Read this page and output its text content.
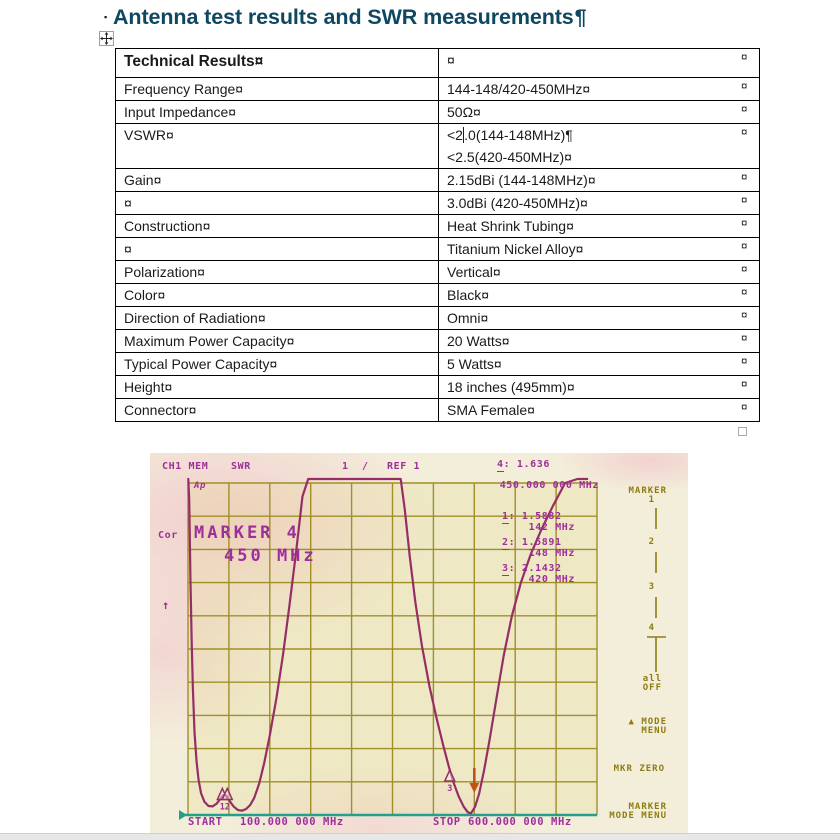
▪ Antenna test results and SWR measurements¶
Technical Results¤	¤

Frequency Range¤	144-148/420-450MHz¤

Input Impedance¤	50Ω¤

VSWR¤	<2.0(144-148MHz)¶
<2.5(420-450MHz)¤

Gain¤	2.15dBi (144-148MHz)¤

¤	3.0dBi (420-450MHz)¤

Construction¤	Heat Shrink Tubing¤

¤	Titanium Nickel Alloy¤

Polarization¤	Vertical¤

Color¤	Black¤

Direction of Radiation¤	Omni¤

Maximum Power Capacity¤	20 Watts¤

Typical Power Capacity¤	5 Watts¤

Height¤	18 inches (495mm)¤

Connector¤	SMA Female¤
1 2
3
CH1 MEM SWR	1 / REF 1	4: 1.636
450.000 000 MHz
Ap
Cor MARKER 4
450 MHz
1: 1.5882
142 MHz
2: 1.5891
148 MHz
3: 2.1432
420 MHz
↑
START 100.000 000 MHz	STOP 600.000 000 MHz
MARKER
1
2
3
4
all
OFF
▲ MODE
MENU
MKR ZERO
MARKER
MODE MENU
¤
¤
¤
¤
¤
¤
¤
¤
¤
¤
¤
¤
¤
¤
¤
